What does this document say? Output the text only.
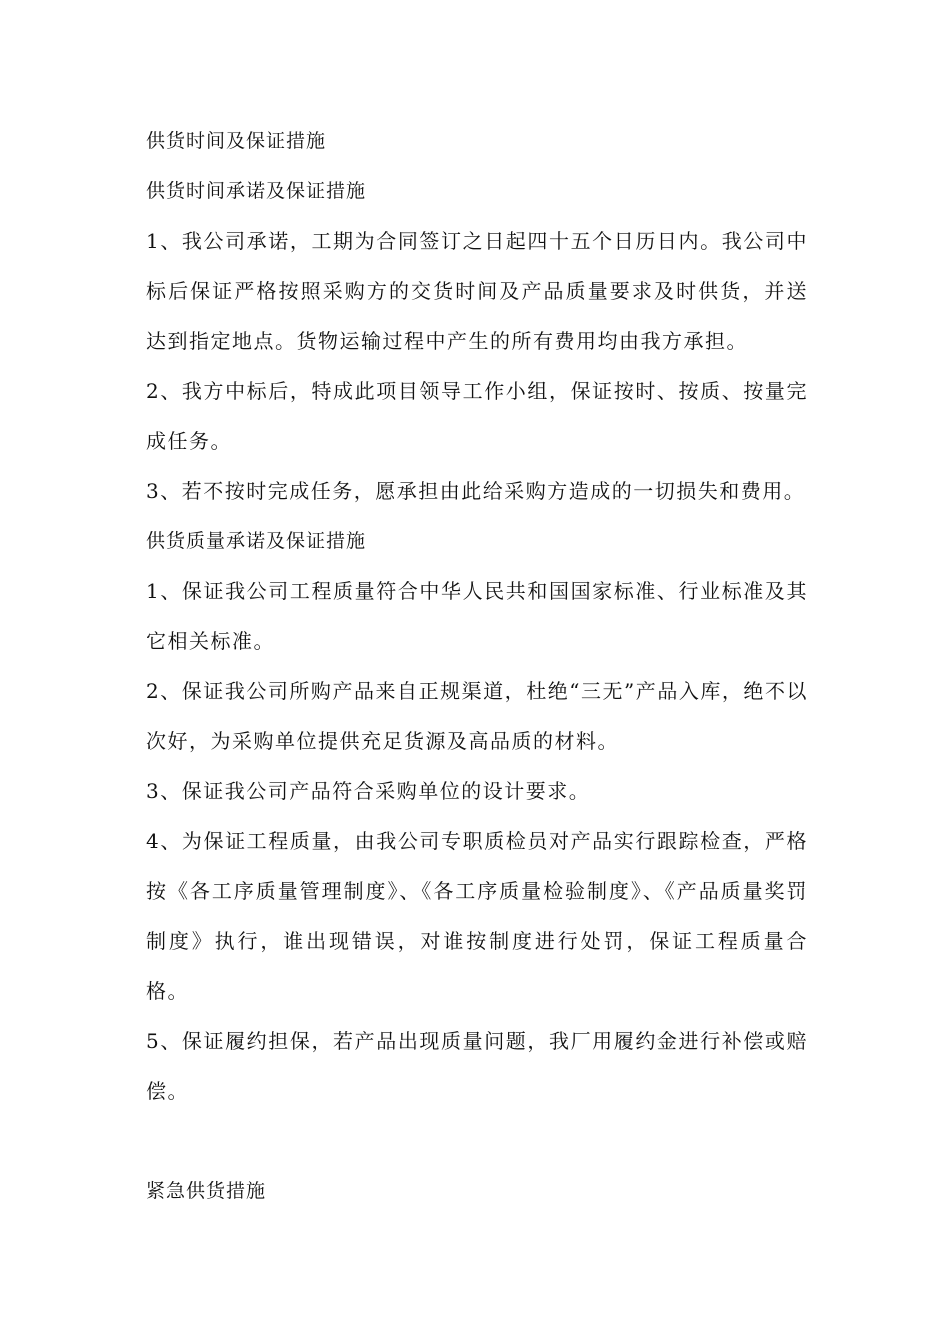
供货时间及保证措施

供货时间承诺及保证措施

1、我公司承诺，工期为合同签订之日起四十五个日历日内。我公司中标后保证严格按照采购方的交货时间及产品质量要求及时供货，并送达到指定地点。货物运输过程中产生的所有费用均由我方承担。

2、我方中标后，特成此项目领导工作小组，保证按时、按质、按量完成任务。

3、若不按时完成任务，愿承担由此给采购方造成的一切损失和费用。

供货质量承诺及保证措施

1、保证我公司工程质量符合中华人民共和国国家标准、行业标准及其它相关标准。

2、保证我公司所购产品来自正规渠道，杜绝“三无”产品入库，绝不以次好，为采购单位提供充足货源及高品质的材料。

3、保证我公司产品符合采购单位的设计要求。

4、为保证工程质量，由我公司专职质检员对产品实行跟踪检查，严格按《各工序质量管理制度》、《各工序质量检验制度》、《产品质量奖罚制度》执行，谁出现错误，对谁按制度进行处罚，保证工程质量合格。

5、保证履约担保，若产品出现质量问题，我厂用履约金进行补偿或赔偿。

紧急供货措施
